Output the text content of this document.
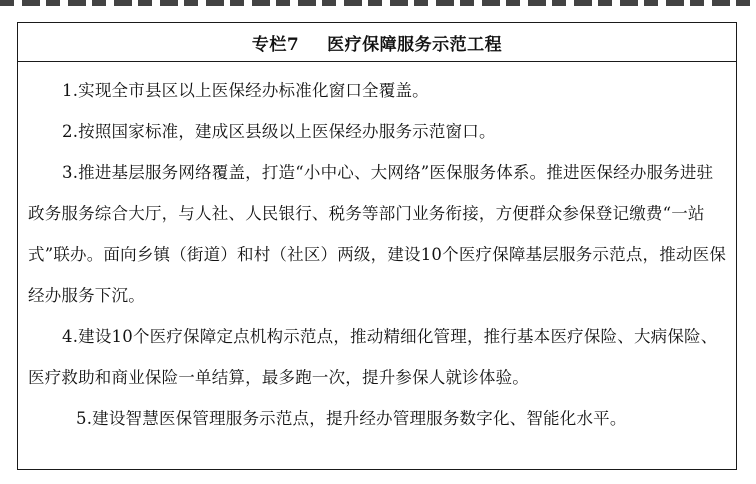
专栏7 医疗保障服务示范工程

1.实现全市县区以上医保经办标准化窗口全覆盖。

2.按照国家标准，建成区县级以上医保经办服务示范窗口。

3.推进基层服务网络覆盖，打造“小中心、大网络”医保服务体系。推进医保经办服务进驻政务服务综合大厅，与人社、人民银行、税务等部门业务衔接，方便群众参保登记缴费“一站式”联办。面向乡镇（街道）和村（社区）两级，建设10个医疗保障基层服务示范点，推动医保经办服务下沉。

4.建设10个医疗保障定点机构示范点，推动精细化管理，推行基本医疗保险、大病保险、医疗救助和商业保险一单结算，最多跑一次，提升参保人就诊体验。

5.建设智慧医保管理服务示范点，提升经办管理服务数字化、智能化水平。
